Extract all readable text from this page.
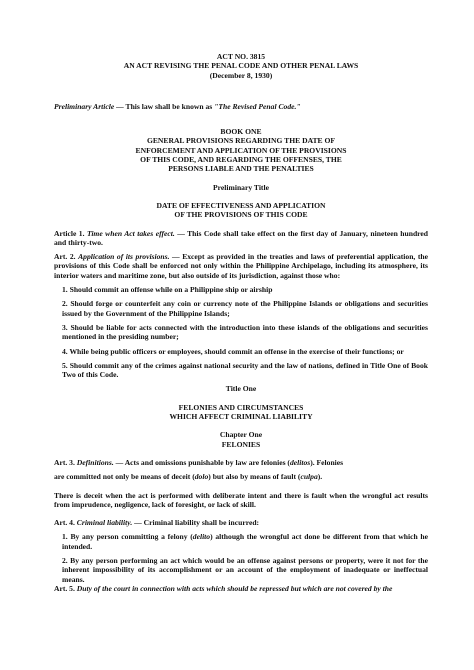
ACT NO. 3815
AN ACT REVISING THE PENAL CODE AND OTHER PENAL LAWS
(December 8, 1930)

Preliminary Article — This law shall be known as "The Revised Penal Code."

BOOK ONE
GENERAL PROVISIONS REGARDING THE DATE OF
ENFORCEMENT AND APPLICATION OF THE PROVISIONS
OF THIS CODE, AND REGARDING THE OFFENSES, THE
PERSONS LIABLE AND THE PENALTIES
Preliminary Title
DATE OF EFFECTIVENESS AND APPLICATION
OF THE PROVISIONS OF THIS CODE

Article 1. Time when Act takes effect. — This Code shall take effect on the first day of January, nineteen hundred and thirty-two.

Art. 2. Application of its provisions. — Except as provided in the treaties and laws of preferential application, the provisions of this Code shall be enforced not only within the Philippine Archipelago, including its atmosphere, its interior waters and maritime zone, but also outside of its jurisdiction, against those who:

1. Should commit an offense while on a Philippine ship or airship

2. Should forge or counterfeit any coin or currency note of the Philippine Islands or obligations and securities issued by the Government of the Philippine Islands;

3. Should be liable for acts connected with the introduction into these islands of the obligations and securities mentioned in the presiding number;

4. While being public officers or employees, should commit an offense in the exercise of their functions; or

5. Should commit any of the crimes against national security and the law of nations, defined in Title One of Book Two of this Code.

Title One
FELONIES AND CIRCUMSTANCES
WHICH AFFECT CRIMINAL LIABILITY
Chapter One
FELONIES

Art. 3. Definitions. — Acts and omissions punishable by law are felonies (delitos). Felonies

are committed not only be means of deceit (dolo) but also by means of fault (culpa).

There is deceit when the act is performed with deliberate intent and there is fault when the wrongful act results from imprudence, negligence, lack of foresight, or lack of skill.

Art. 4. Criminal liability. — Criminal liability shall be incurred:

1. By any person committing a felony (delito) although the wrongful act done be different from that which he intended.

2. By any person performing an act which would be an offense against persons or property, were it not for the inherent impossibility of its accomplishment or an account of the employment of inadequate or ineffectual means.

Art. 5. Duty of the court in connection with acts which should be repressed but which are not covered by the
